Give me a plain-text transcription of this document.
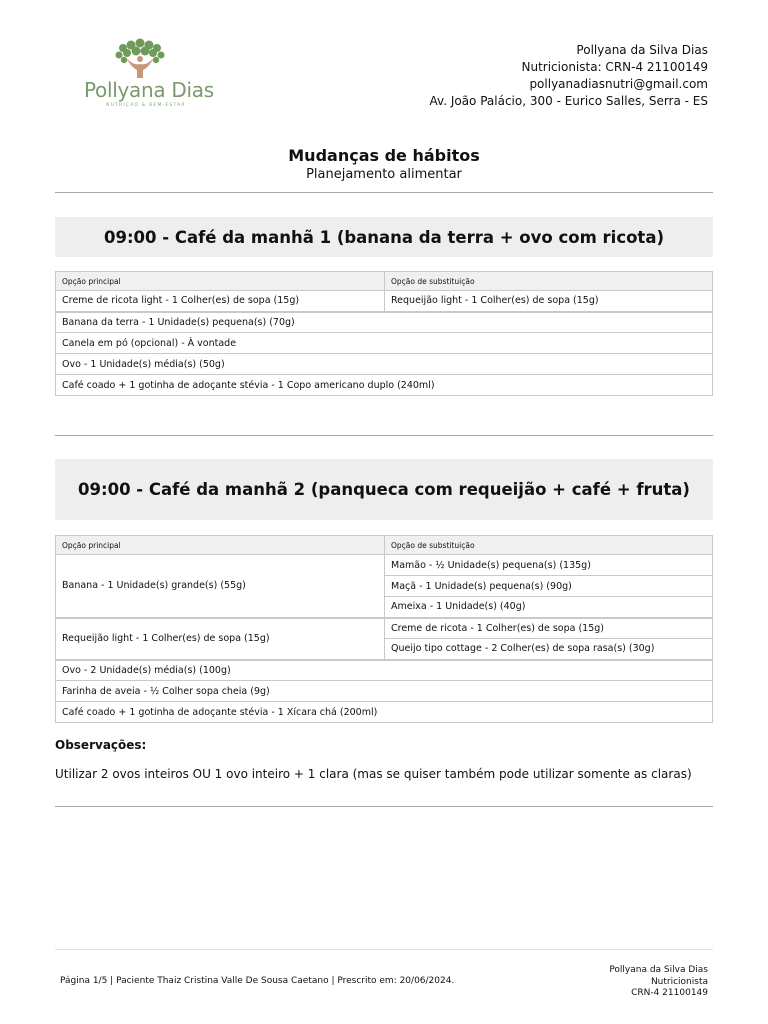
Pollyana Dias
NUTRIÇÃO & BEM-ESTAR
Pollyana da Silva Dias
Nutricionista: CRN-4 21100149
pollyanadiasnutri@gmail.com
Av. João Palácio, 300 - Eurico Salles, Serra - ES
Mudanças de hábitos
Planejamento alimentar
09:00 - Café da manhã 1 (banana da terra + ovo com ricota)
Opção principal	Opção de substituição
Creme de ricota light - 1 Colher(es) de sopa (15g)	Requeijão light - 1 Colher(es) de sopa (15g)
Banana da terra - 1 Unidade(s) pequena(s) (70g)	
Canela em pó (opcional) - À vontade	
Ovo - 1 Unidade(s) média(s) (50g)	
Café coado + 1 gotinha de adoçante stévia - 1 Copo americano duplo (240ml)	
09:00 - Café da manhã 2 (panqueca com requeijão + café + fruta)
Opção principal	Opção de substituição
Banana - 1 Unidade(s) grande(s) (55g)	Mamão - ½ Unidade(s) pequena(s) (135g)
	Maçã - 1 Unidade(s) pequena(s) (90g)
	Ameixa - 1 Unidade(s) (40g)
Requeijão light - 1 Colher(es) de sopa (15g)	Creme de ricota - 1 Colher(es) de sopa (15g)
	Queijo tipo cottage - 2 Colher(es) de sopa rasa(s) (30g)
Ovo - 2 Unidade(s) média(s) (100g)	
Farinha de aveia - ½ Colher sopa cheia (9g)	
Café coado + 1 gotinha de adoçante stévia - 1 Xícara chá (200ml)	
Observações:
Utilizar 2 ovos inteiros OU 1 ovo inteiro + 1 clara (mas se quiser também pode utilizar somente as claras)
Página 1/5 | Paciente Thaiz Cristina Valle De Sousa Caetano | Prescrito em: 20/06/2024.
Pollyana da Silva Dias
Nutricionista
CRN-4 21100149
